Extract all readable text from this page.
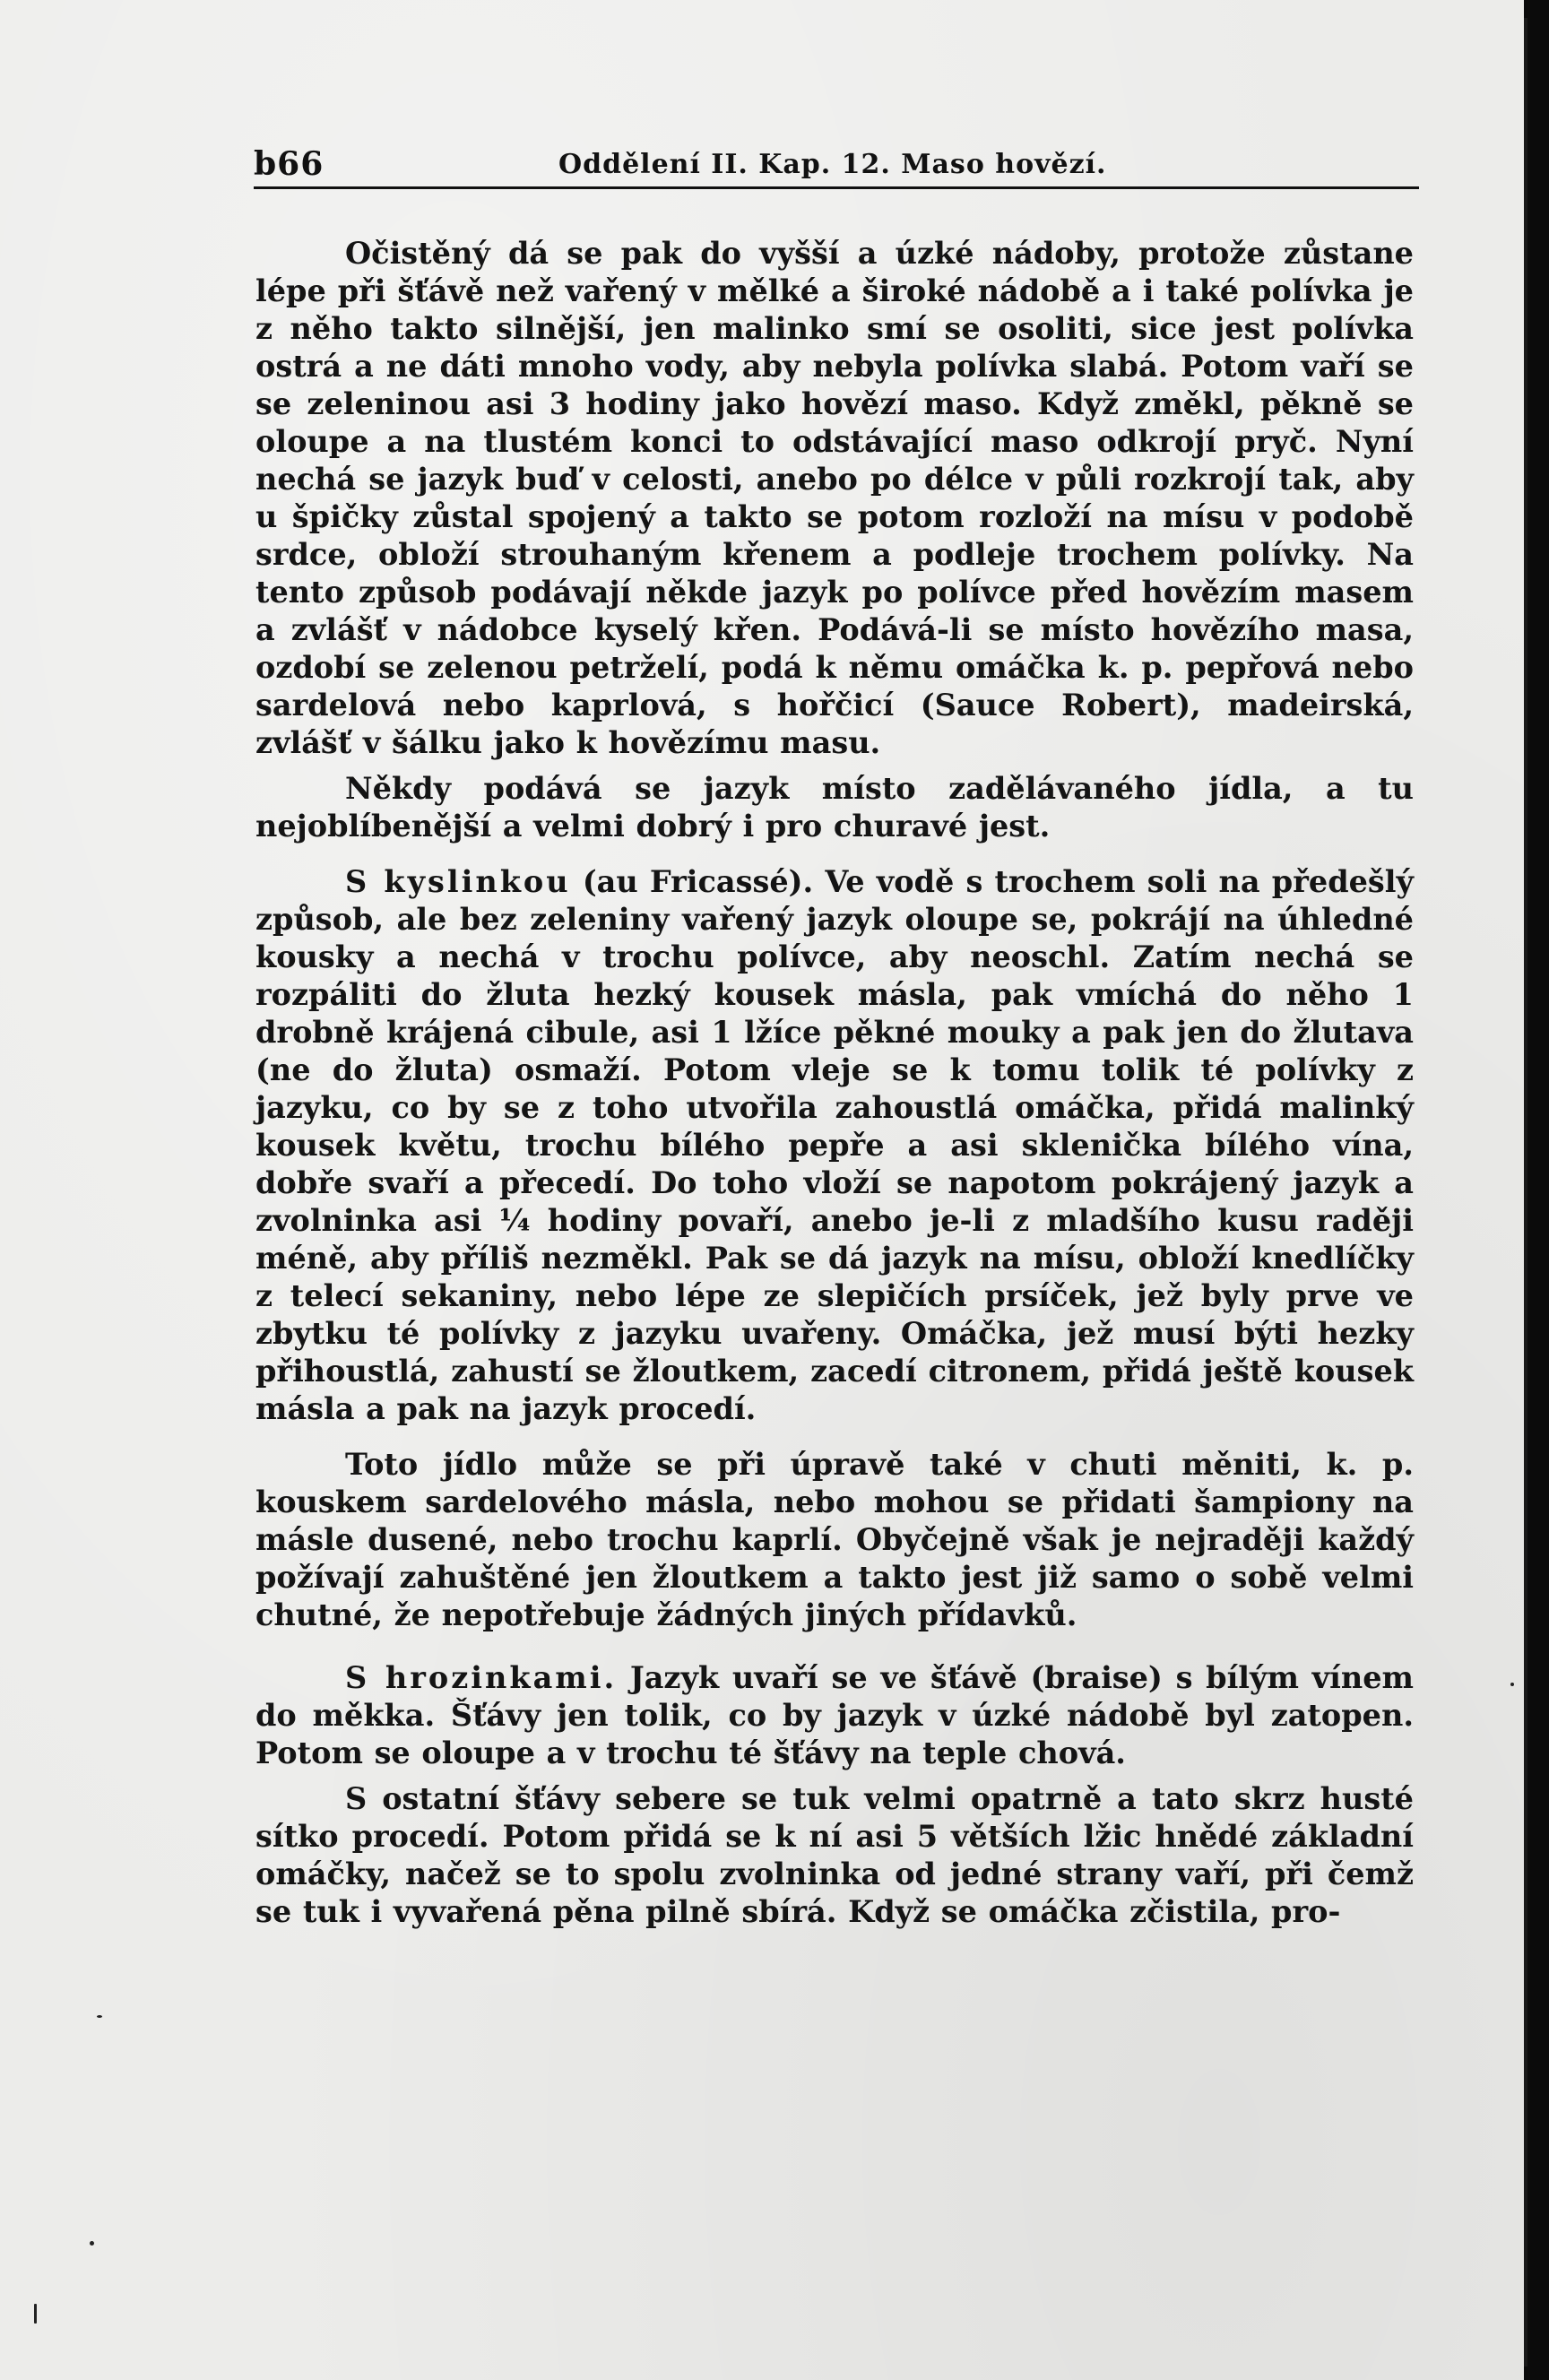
b66	Oddělení II. Kap. 12. Maso hovězí.

Očistěný dá se pak do vyšší a úzké nádoby, protože zůstane lépe při šťávě než vařený v mělké a široké nádobě a i také polívka je z něho takto silnější, jen malinko smí se osoliti, sice jest polívka ostrá a ne dáti mnoho vody, aby nebyla polívka slabá. Potom vaří se se zeleninou asi 3 hodiny jako hovězí maso. Když změkl, pěkně se oloupe a na tlustém konci to odstávající maso odkrojí pryč. Nyní nechá se jazyk buď v celosti, anebo po délce v půli rozkrojí tak, aby u špičky zůstal spojený a takto se potom rozloží na mísu v podobě srdce, obloží strouhaným křenem a podleje trochem polívky. Na tento způsob podávají někde jazyk po polívce před hovězím masem a zvlášť v nádobce kyselý křen. Podává-li se místo hovězího masa, ozdobí se zelenou petrželí, podá k němu omáčka k. p. pepřová nebo sardelová nebo kaprlová, s hořčicí (Sauce Robert), madeirská, zvlášť v šálku jako k hovězímu masu.

Někdy podává se jazyk místo zadělávaného jídla, a tu nejoblíbenější a velmi dobrý i pro churavé jest.

S kyslinkou (au Fricassé). Ve vodě s trochem soli na předešlý způsob, ale bez zeleniny vařený jazyk oloupe se, pokrájí na úhledné kousky a nechá v trochu polívce, aby neoschl. Zatím nechá se rozpáliti do žluta hezký kousek másla, pak vmíchá do něho 1 drobně krájená cibule, asi 1 lžíce pěkné mouky a pak jen do žlutava (ne do žluta) osmaží. Potom vleje se k tomu tolik té polívky z jazyku, co by se z toho utvořila zahoustlá omáčka, přidá malinký kousek květu, trochu bílého pepře a asi sklenička bílého vína, dobře svaří a přecedí. Do toho vloží se napotom pokrájený jazyk a zvolninka asi ¼ hodiny povaří, anebo je-li z mladšího kusu raději méně, aby příliš nezměkl. Pak se dá jazyk na mísu, obloží knedlíčky z telecí sekaniny, nebo lépe ze slepičích prsíček, jež byly prve ve zbytku té polívky z jazyku uvařeny. Omáčka, jež musí býti hezky přihoustlá, zahustí se žloutkem, zacedí citronem, přidá ještě kousek másla a pak na jazyk procedí.

Toto jídlo může se při úpravě také v chuti měniti, k. p. kouskem sardelového másla, nebo mohou se přidati šampiony na másle dusené, nebo trochu kaprlí. Obyčejně však je nejraději každý požívají zahuštěné jen žloutkem a takto jest již samo o sobě velmi chutné, že nepotřebuje žádných jiných přídavků.

S hrozinkami. Jazyk uvaří se ve šťávě (braise) s bílým vínem do měkka. Šťávy jen tolik, co by jazyk v úzké nádobě byl zatopen. Potom se oloupe a v trochu té šťávy na teple chová.

S ostatní šťávy sebere se tuk velmi opatrně a tato skrz husté sítko procedí. Potom přidá se k ní asi 5 větších lžic hnědé základní omáčky, načež se to spolu zvolninka od jedné strany vaří, při čemž se tuk i vyvařená pěna pilně sbírá. Když se omáčka zčistila, pro-
